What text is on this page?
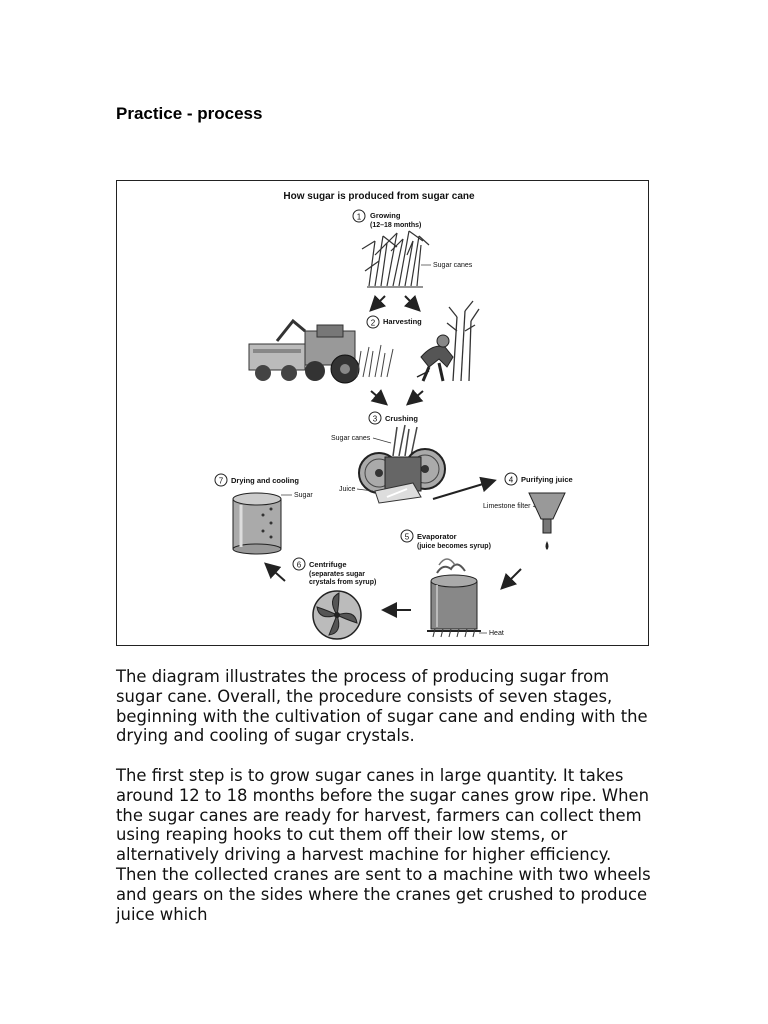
Practice - process
How sugar is produced from sugar cane
1 Growing
(12–18 months)
Sugar canes
2 Harvesting
3 Crushing
Sugar canes
Juice
4 Purifying juice
Limestone filter
5 Evaporator
(juice becomes syrup)
Heat
6 Centrifuge
(separates sugar
crystals from syrup)
7 Drying and cooling
Sugar

The diagram illustrates the process of producing sugar from sugar cane. Overall, the procedure consists of seven stages, beginning with the cultivation of sugar cane and ending with the drying and cooling of sugar crystals.

The first step is to grow sugar canes in large quantity. It takes around 12 to 18 months before the sugar canes grow ripe. When the sugar canes are ready for harvest, farmers can collect them using reaping hooks to cut them off their low stems, or alternatively driving a harvest machine for higher efficiency. Then the collected cranes are sent to a machine with two wheels and gears on the sides where the cranes get crushed to produce juice which
